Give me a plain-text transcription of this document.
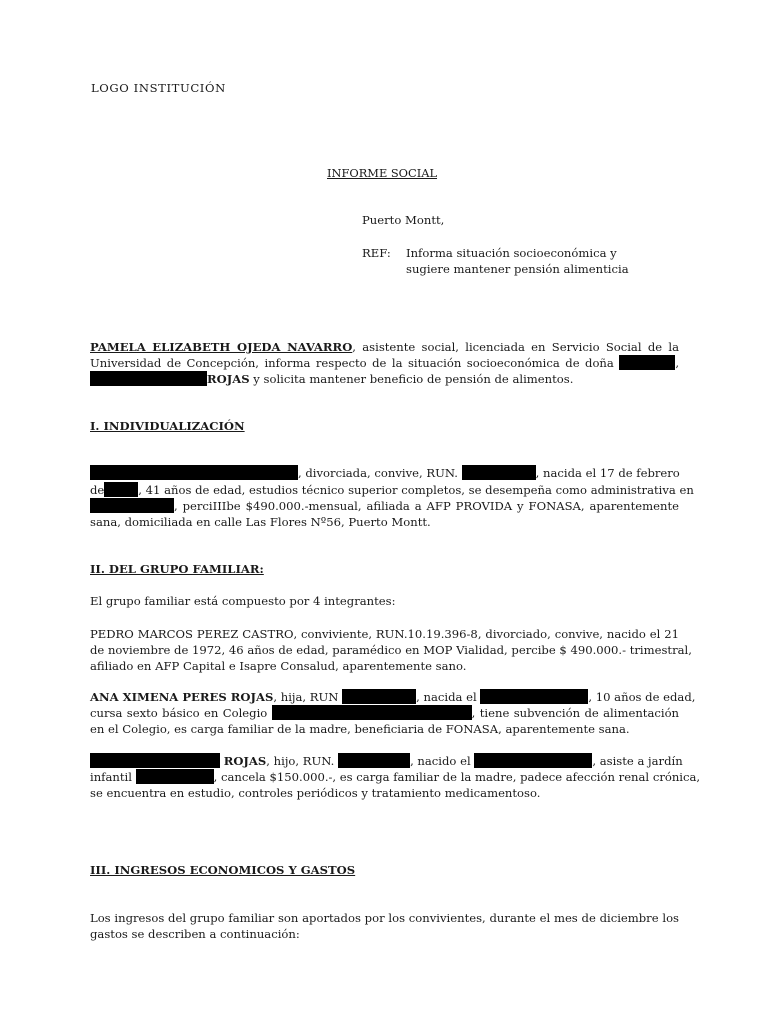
LOGO INSTITUCIÓN
INFORME SOCIAL
Puerto Montt,
REF: Informa situación socioeconómica y
sugiere mantener pensión alimenticia
PAMELA ELIZABETH OJEDA NAVARRO, asistente social, licenciada en Servicio Social de la
Universidad de Concepción, informa respecto de la situación socioeconómica de doña	,
ROJAS y solicita mantener beneficio de pensión de alimentos.
I. INDIVIDUALIZACIÓN
, divorciada, convive, RUN.	, nacida el 17 de febrero
de	, 41 años de edad, estudios técnico superior completos, se desempeña como administrativa en
, perciIIIbe $490.000.-mensual, afiliada a AFP PROVIDA y FONASA, aparentemente
sana, domiciliada en calle Las Flores Nº56, Puerto Montt.
II. DEL GRUPO FAMILIAR:
El grupo familiar está compuesto por 4 integrantes:
PEDRO MARCOS PEREZ CASTRO, conviviente, RUN.10.19.396-8, divorciado, convive, nacido el 21
de noviembre de 1972, 46 años de edad, paramédico en MOP Vialidad, percibe $ 490.000.- trimestral,
afiliado en AFP Capital e Isapre Consalud, aparentemente sano.
ANA XIMENA PERES ROJAS, hija, RUN	, nacida el	, 10 años de edad,
cursa sexto básico en Colegio	, tiene subvención de alimentación
en el Colegio, es carga familiar de la madre, beneficiaria de FONASA, aparentemente sana.
ROJAS, hijo, RUN.	, nacido el	, asiste a jardín
infantil	, cancela $150.000.-, es carga familiar de la madre, padece afección renal crónica,
se encuentra en estudio, controles periódicos y tratamiento medicamentoso.
III. INGRESOS ECONOMICOS Y GASTOS
Los ingresos del grupo familiar son aportados por los convivientes, durante el mes de diciembre los
gastos se describen a continuación:
